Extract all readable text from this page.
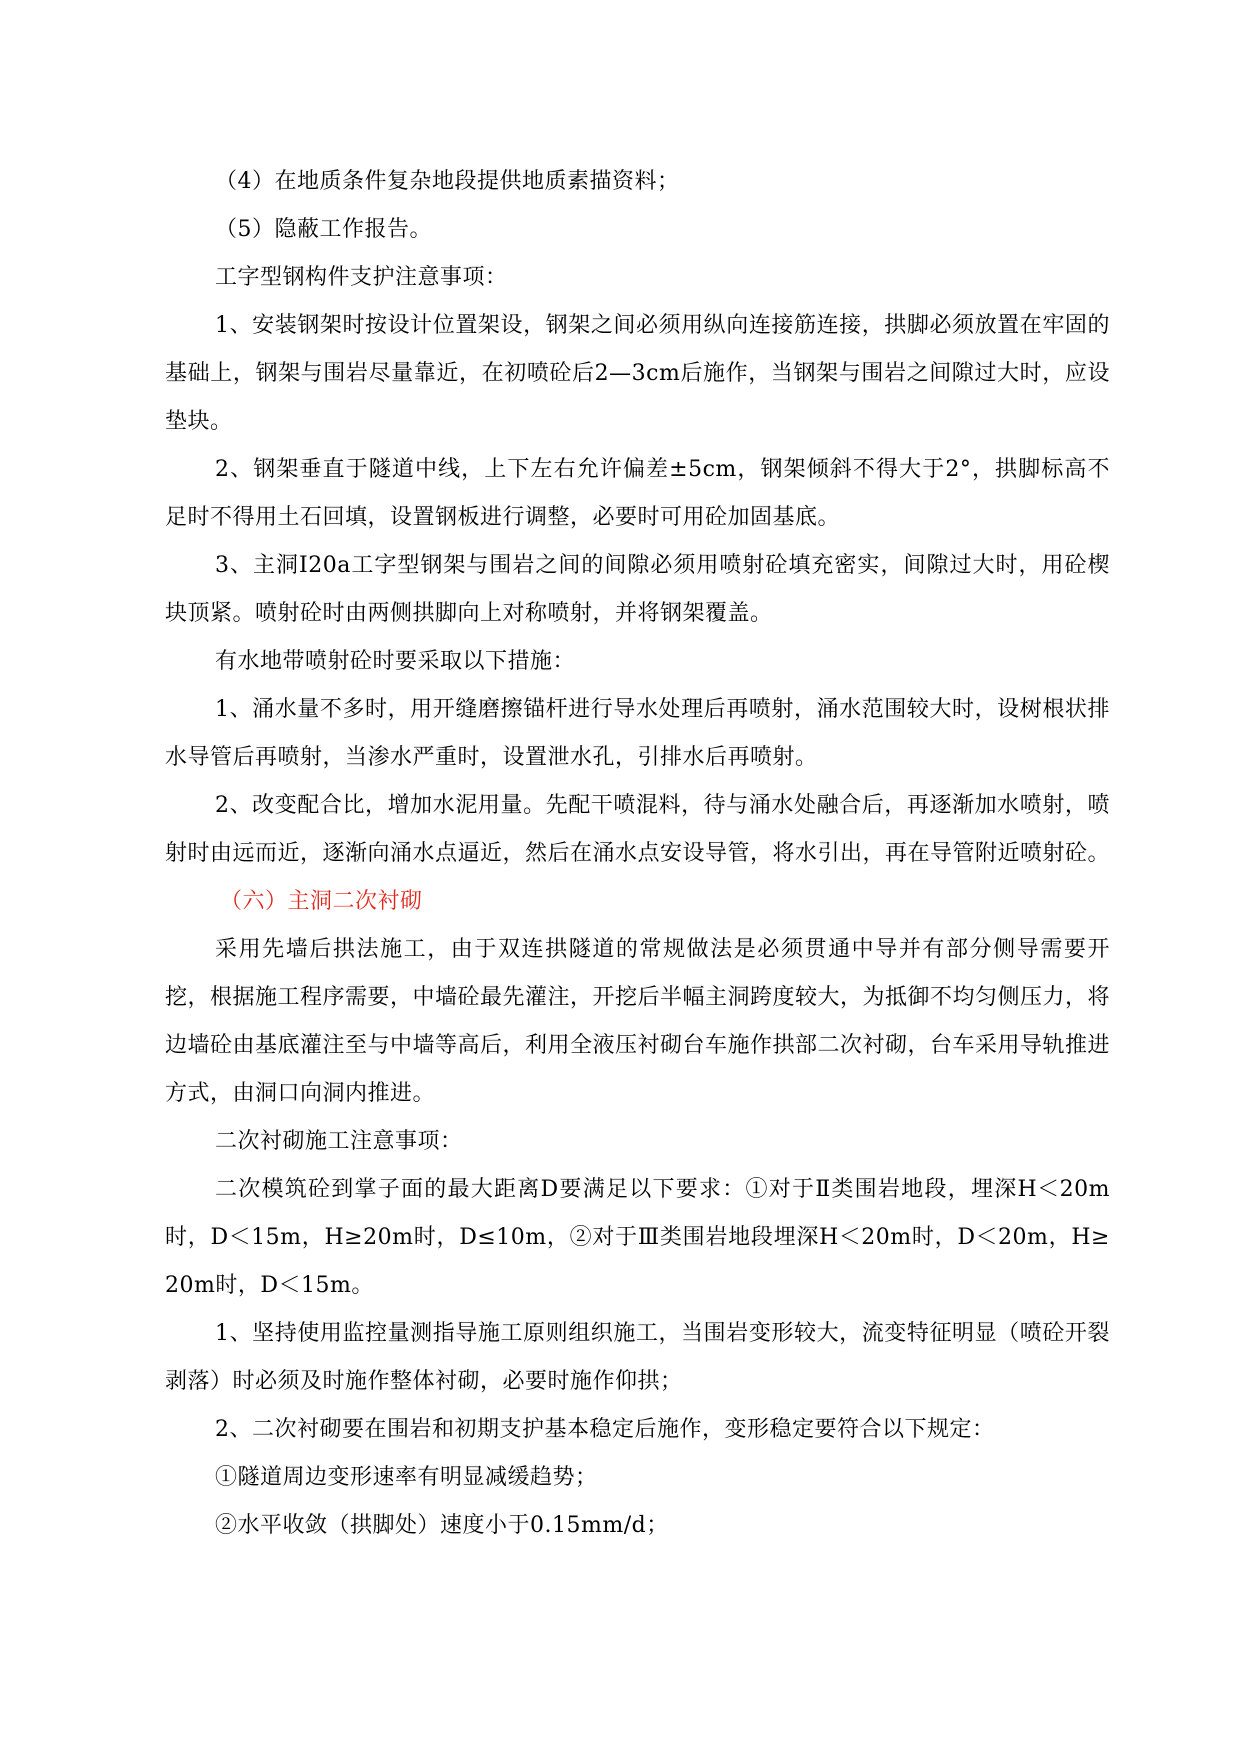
（4）在地质条件复杂地段提供地质素描资料；

（5）隐蔽工作报告。

工字型钢构件支护注意事项：

1、安装钢架时按设计位置架设，钢架之间必须用纵向连接筋连接，拱脚必须放置在牢固的基础上，钢架与围岩尽量靠近，在初喷砼后2—3cm后施作，当钢架与围岩之间隙过大时，应设垫块。

2、钢架垂直于隧道中线，上下左右允许偏差±5cm，钢架倾斜不得大于2°，拱脚标高不足时不得用土石回填，设置钢板进行调整，必要时可用砼加固基底。

3、主洞I20a工字型钢架与围岩之间的间隙必须用喷射砼填充密实，间隙过大时，用砼楔块顶紧。喷射砼时由两侧拱脚向上对称喷射，并将钢架覆盖。

有水地带喷射砼时要采取以下措施：

1、涌水量不多时，用开缝磨擦锚杆进行导水处理后再喷射，涌水范围较大时，设树根状排水导管后再喷射，当渗水严重时，设置泄水孔，引排水后再喷射。

2、改变配合比，增加水泥用量。先配干喷混料，待与涌水处融合后，再逐渐加水喷射，喷射时由远而近，逐渐向涌水点逼近，然后在涌水点安设导管，将水引出，再在导管附近喷射砼。

（六）主洞二次衬砌

采用先墙后拱法施工，由于双连拱隧道的常规做法是必须贯通中导并有部分侧导需要开挖，根据施工程序需要，中墙砼最先灌注，开挖后半幅主洞跨度较大，为抵御不均匀侧压力，将边墙砼由基底灌注至与中墙等高后，利用全液压衬砌台车施作拱部二次衬砌，台车采用导轨推进方式，由洞口向洞内推进。

二次衬砌施工注意事项：

二次模筑砼到掌子面的最大距离D要满足以下要求：①对于Ⅱ类围岩地段，埋深H＜20m时，D＜15m，H≥20m时，D≤10m，②对于Ⅲ类围岩地段埋深H＜20m时，D＜20m，H≥20m时，D＜15m。

1、坚持使用监控量测指导施工原则组织施工，当围岩变形较大，流变特征明显（喷砼开裂剥落）时必须及时施作整体衬砌，必要时施作仰拱；

2、二次衬砌要在围岩和初期支护基本稳定后施作，变形稳定要符合以下规定：

①隧道周边变形速率有明显减缓趋势；

②水平收敛（拱脚处）速度小于0.15mm/d；
